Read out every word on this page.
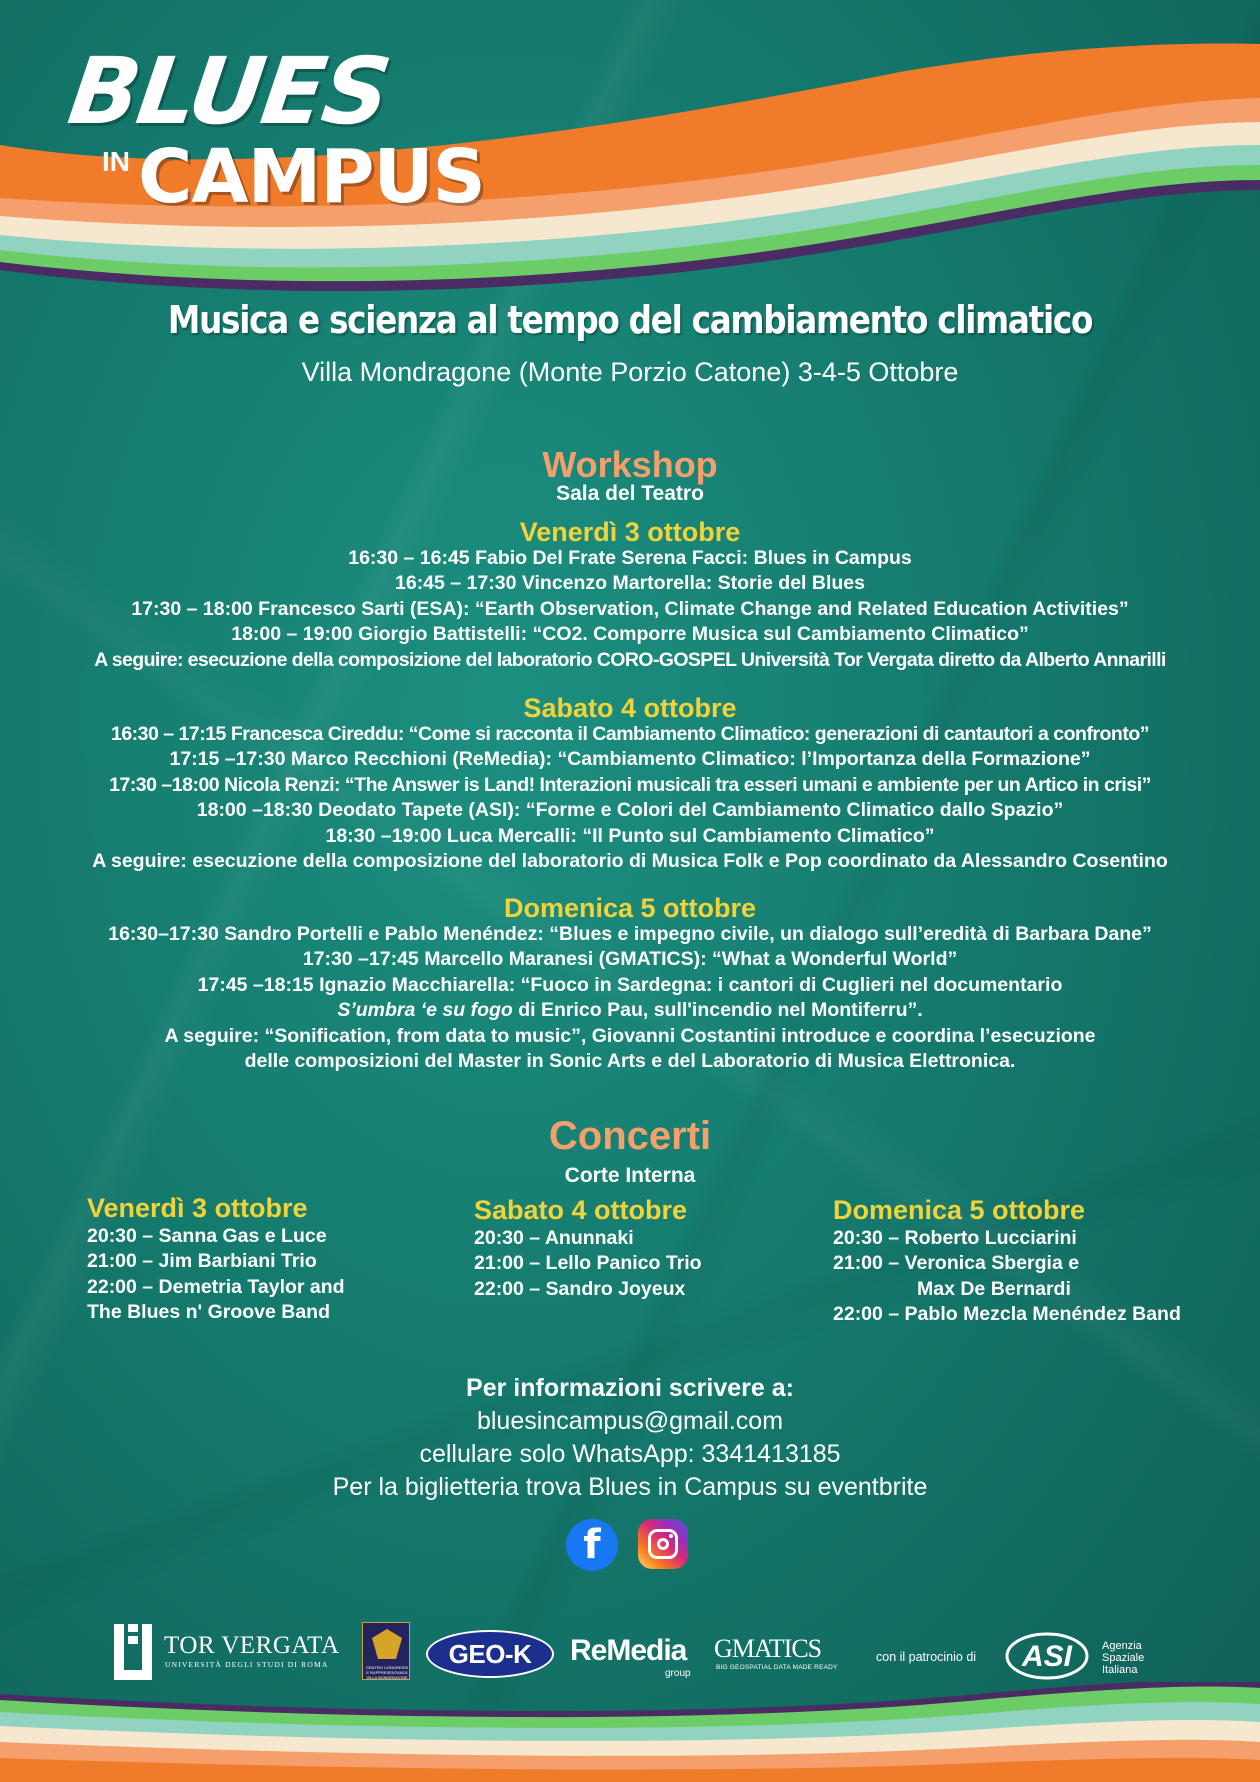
BLUES
IN CAMPUS
Musica e scienza al tempo del cambiamento climatico
Villa Mondragone (Monte Porzio Catone) 3-4-5 Ottobre
Workshop
Sala del Teatro
Venerdì 3 ottobre
16:30 – 16:45 Fabio Del Frate Serena Facci: Blues in Campus
16:45 – 17:30 Vincenzo Martorella: Storie del Blues
17:30 – 18:00 Francesco Sarti (ESA): “Earth Observation, Climate Change and Related Education Activities”
18:00 – 19:00 Giorgio Battistelli: “CO2. Comporre Musica sul Cambiamento Climatico”
A seguire: esecuzione della composizione del laboratorio CORO-GOSPEL Università Tor Vergata diretto da Alberto Annarilli
Sabato 4 ottobre
16:30 – 17:15 Francesca Cireddu: “Come si racconta il Cambiamento Climatico: generazioni di cantautori a confronto”
17:15 –17:30 Marco Recchioni (ReMedia): “Cambiamento Climatico: l’Importanza della Formazione”
17:30 –18:00 Nicola Renzi: “The Answer is Land! Interazioni musicali tra esseri umani e ambiente per un Artico in crisi”
18:00 –18:30 Deodato Tapete (ASI): “Forme e Colori del Cambiamento Climatico dallo Spazio”
18:30 –19:00 Luca Mercalli: “Il Punto sul Cambiamento Climatico”
A seguire: esecuzione della composizione del laboratorio di Musica Folk e Pop coordinato da Alessandro Cosentino
Domenica 5 ottobre
16:30–17:30 Sandro Portelli e Pablo Menéndez: “Blues e impegno civile, un dialogo sull’eredità di Barbara Dane”
17:30 –17:45 Marcello Maranesi (GMATICS): “What a Wonderful World”
17:45 –18:15 Ignazio Macchiarella: “Fuoco in Sardegna: i cantori di Cuglieri nel documentario
S’umbra ‘e su fogo di Enrico Pau, sull'incendio nel Montiferru”.
A seguire: “Sonification, from data to music”, Giovanni Costantini introduce e coordina l’esecuzione
delle composizioni del Master in Sonic Arts e del Laboratorio di Musica Elettronica.
Concerti
Corte Interna
Venerdì 3 ottobre
20:30 – Sanna Gas e Luce
21:00 – Jim Barbiani Trio
22:00 – Demetria Taylor and
The Blues n' Groove Band
Sabato 4 ottobre
20:30 – Anunnaki
21:00 – Lello Panico Trio
22:00 – Sandro Joyeux
Domenica 5 ottobre
20:30 – Roberto Lucciarini
21:00 – Veronica Sbergia e
Max De Bernardi
22:00 – Pablo Mezcla Menéndez Band
Per informazioni scrivere a:
bluesincampus@gmail.com
cellulare solo WhatsApp: 3341413185
Per la biglietteria trova Blues in Campus su eventbrite
f
TOR VERGATA
UNIVERSITÀ DEGLI STUDI DI ROMA	CENTRO CONGRESSI E RAPPRESENTANZA VILLA MONDRAGONE
GEO-K	ReMedia
group
GMATICS
BIG GEOSPATIAL DATA MADE READY
con il patrocinio di ASI	Agenzia
Spaziale
Italiana
